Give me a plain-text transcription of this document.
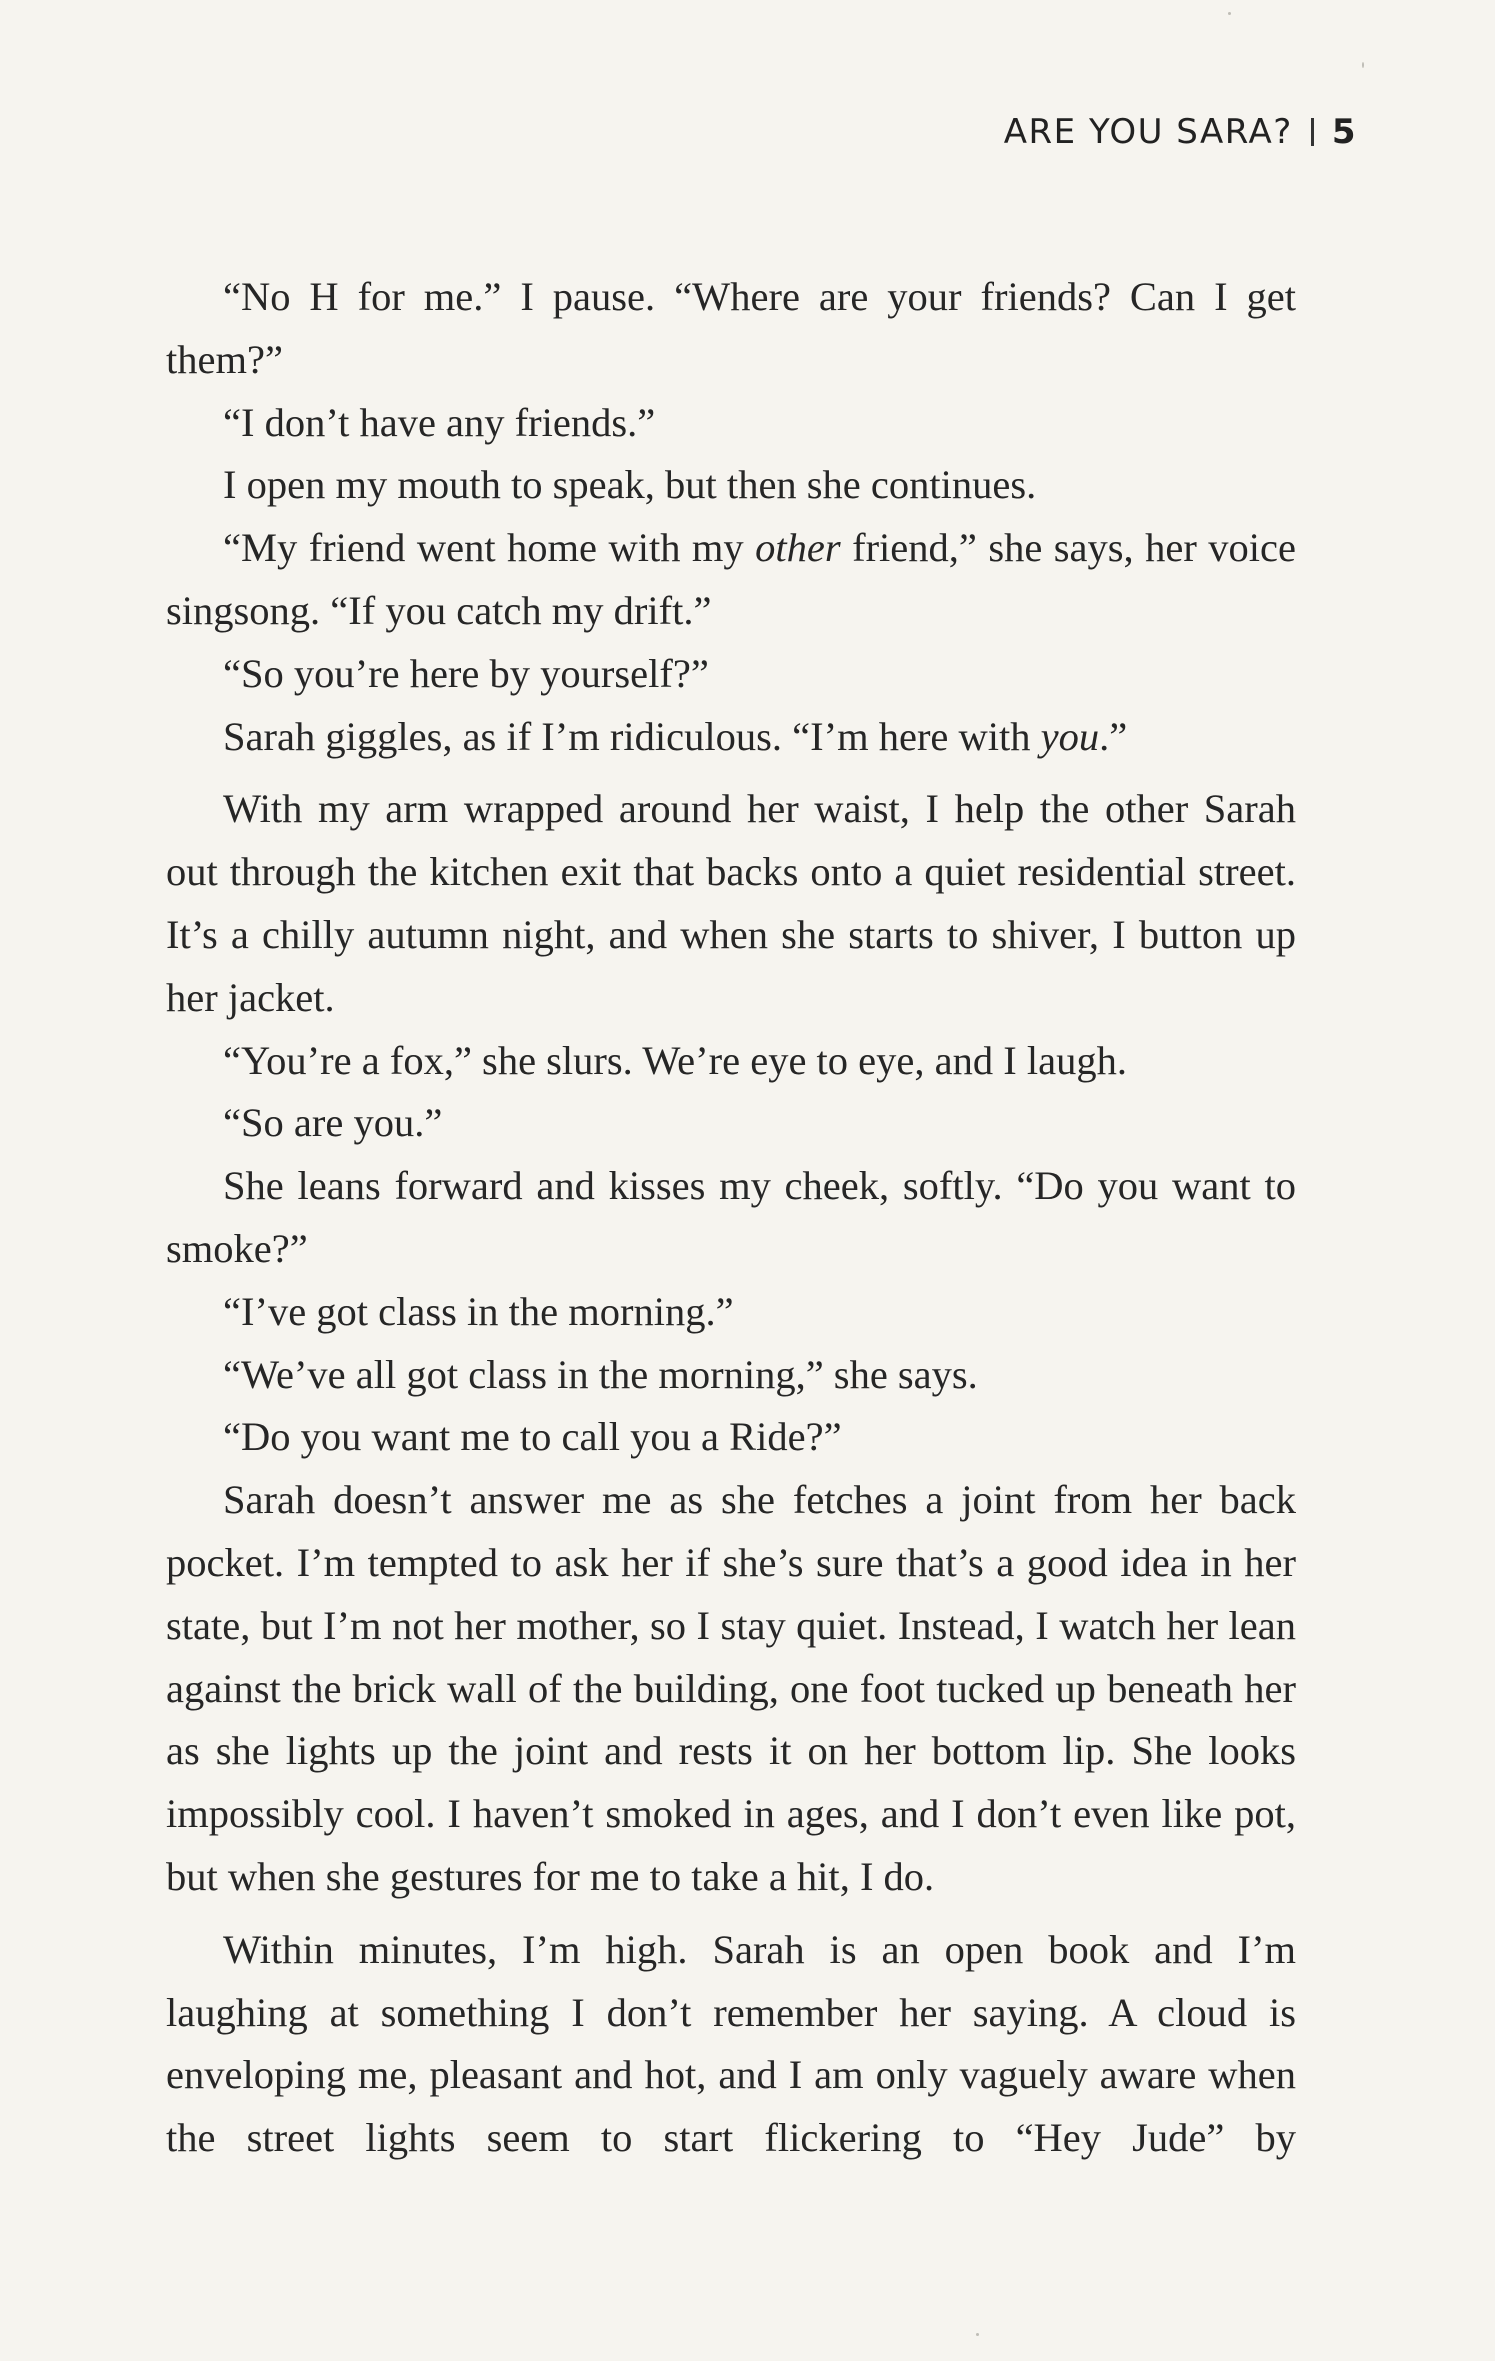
ARE YOU SARA? 5

“No H for me.” I pause. “Where are your friends? Can I get them?”

“I don’t have any friends.”

I open my mouth to speak, but then she continues.

“My friend went home with my other friend,” she says, her voice singsong. “If you catch my drift.”

“So you’re here by yourself?”

Sarah giggles, as if I’m ridiculous. “I’m here with you.”

With my arm wrapped around her waist, I help the other Sarah out through the kitchen exit that backs onto a quiet residential street. It’s a chilly autumn night, and when she starts to shiver, I button up her jacket.

“You’re a fox,” she slurs. We’re eye to eye, and I laugh.

“So are you.”

She leans forward and kisses my cheek, softly. “Do you want to smoke?”

“I’ve got class in the morning.”

“We’ve all got class in the morning,” she says.

“Do you want me to call you a Ride?”

Sarah doesn’t answer me as she fetches a joint from her back pocket. I’m tempted to ask her if she’s sure that’s a good idea in her state, but I’m not her mother, so I stay quiet. Instead, I watch her lean against the brick wall of the building, one foot tucked up beneath her as she lights up the joint and rests it on her bottom lip. She looks impossibly cool. I haven’t smoked in ages, and I don’t even like pot, but when she gestures for me to take a hit, I do.

Within minutes, I’m high. Sarah is an open book and I’m laughing at something I don’t remember her saying. A cloud is enveloping me, pleasant and hot, and I am only vaguely aware when the street lights seem to start flickering to “Hey Jude” by
